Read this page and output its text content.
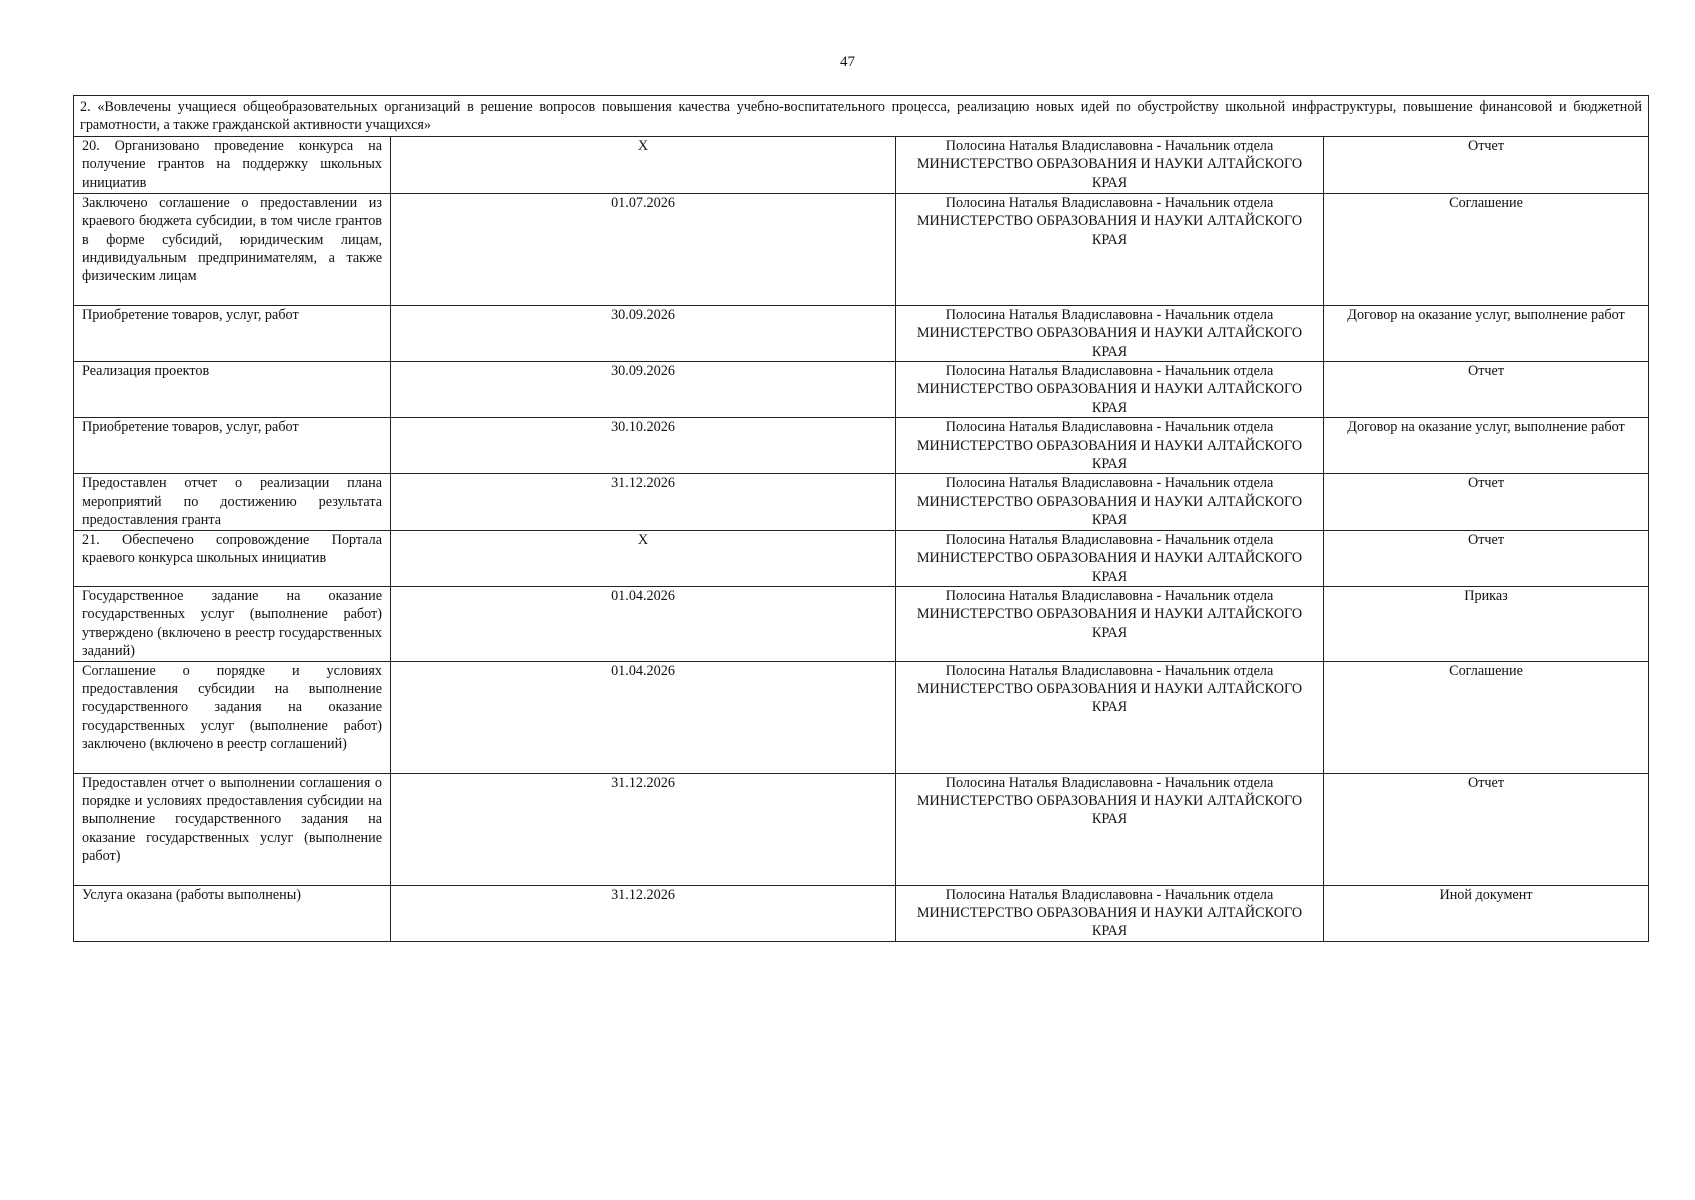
47
2. «Вовлечены учащиеся общеобразовательных организаций в решение вопросов повышения качества учебно-воспитательного процесса, реализацию новых идей по обустройству школьной инфраструктуры, повышение финансовой и бюджетной грамотности, а также гражданской активности учащихся»			
20. Организовано проведение конкурса на получение грантов на поддержку школьных инициатив	X	Полосина Наталья Владиславовна - Начальник отдела
МИНИСТЕРСТВО ОБРАЗОВАНИЯ И НАУКИ АЛТАЙСКОГО КРАЯ	Отчет
Заключено соглашение о предоставлении из краевого бюджета субсидии, в том числе грантов в форме субсидий, юридическим лицам, индивидуальным предпринимателям, а также физическим лицам	01.07.2026	Полосина Наталья Владиславовна - Начальник отдела
МИНИСТЕРСТВО ОБРАЗОВАНИЯ И НАУКИ АЛТАЙСКОГО КРАЯ	Соглашение
Приобретение товаров, услуг, работ	30.09.2026	Полосина Наталья Владиславовна - Начальник отдела
МИНИСТЕРСТВО ОБРАЗОВАНИЯ И НАУКИ АЛТАЙСКОГО КРАЯ	Договор на оказание услуг, выполнение работ
Реализация проектов	30.09.2026	Полосина Наталья Владиславовна - Начальник отдела
МИНИСТЕРСТВО ОБРАЗОВАНИЯ И НАУКИ АЛТАЙСКОГО КРАЯ	Отчет
Приобретение товаров, услуг, работ	30.10.2026	Полосина Наталья Владиславовна - Начальник отдела
МИНИСТЕРСТВО ОБРАЗОВАНИЯ И НАУКИ АЛТАЙСКОГО КРАЯ	Договор на оказание услуг, выполнение работ
Предоставлен отчет о реализации плана мероприятий по достижению результата предоставления гранта	31.12.2026	Полосина Наталья Владиславовна - Начальник отдела
МИНИСТЕРСТВО ОБРАЗОВАНИЯ И НАУКИ АЛТАЙСКОГО КРАЯ	Отчет
21. Обеспечено сопровождение Портала краевого конкурса школьных инициатив	X	Полосина Наталья Владиславовна - Начальник отдела
МИНИСТЕРСТВО ОБРАЗОВАНИЯ И НАУКИ АЛТАЙСКОГО КРАЯ	Отчет
Государственное задание на оказание государственных услуг (выполнение работ) утверждено (включено в реестр государственных заданий)	01.04.2026	Полосина Наталья Владиславовна - Начальник отдела
МИНИСТЕРСТВО ОБРАЗОВАНИЯ И НАУКИ АЛТАЙСКОГО КРАЯ	Приказ
Соглашение о порядке и условиях предоставления субсидии на выполнение государственного задания на оказание государственных услуг (выполнение работ) заключено (включено в реестр соглашений)	01.04.2026	Полосина Наталья Владиславовна - Начальник отдела
МИНИСТЕРСТВО ОБРАЗОВАНИЯ И НАУКИ АЛТАЙСКОГО КРАЯ	Соглашение
Предоставлен отчет о выполнении соглашения о порядке и условиях предоставления субсидии на выполнение государственного задания на оказание государственных услуг (выполнение работ)	31.12.2026	Полосина Наталья Владиславовна - Начальник отдела
МИНИСТЕРСТВО ОБРАЗОВАНИЯ И НАУКИ АЛТАЙСКОГО КРАЯ	Отчет
Услуга оказана (работы выполнены)	31.12.2026	Полосина Наталья Владиславовна - Начальник отдела
МИНИСТЕРСТВО ОБРАЗОВАНИЯ И НАУКИ АЛТАЙСКОГО КРАЯ	Иной документ
